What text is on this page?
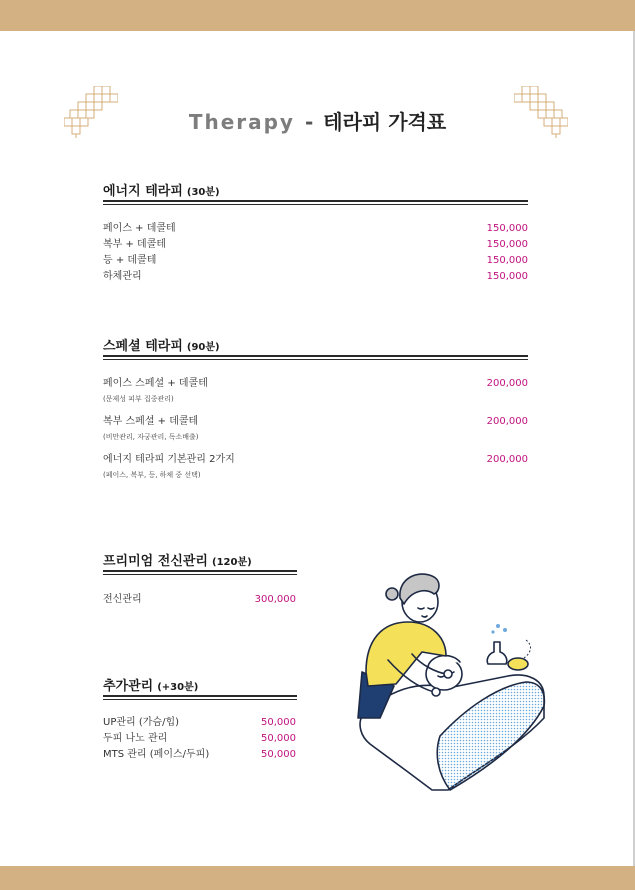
Therapy - 테라피 가격표
에너지 테라피 (30분)
페이스 + 데콜테	150,000
복부 + 데콜테	150,000
등 + 데콜테	150,000
하체관리	150,000
스페셜 테라피 (90분)
페이스 스페셜 + 데콜테	200,000
(문제성 피부 집중관리)
복부 스페셜 + 데콜테	200,000
(비만관리, 자궁관리, 독소배출)
에너지 테라피 기본관리 2가지	200,000
(페이스, 복부, 등, 하체 중 선택)
프리미엄 전신관리 (120분)
전신관리	300,000
추가관리 (+30분)
UP관리 (가슴/힙)	50,000
두피 나노 관리	50,000
MTS 관리 (페이스/두피)	50,000
